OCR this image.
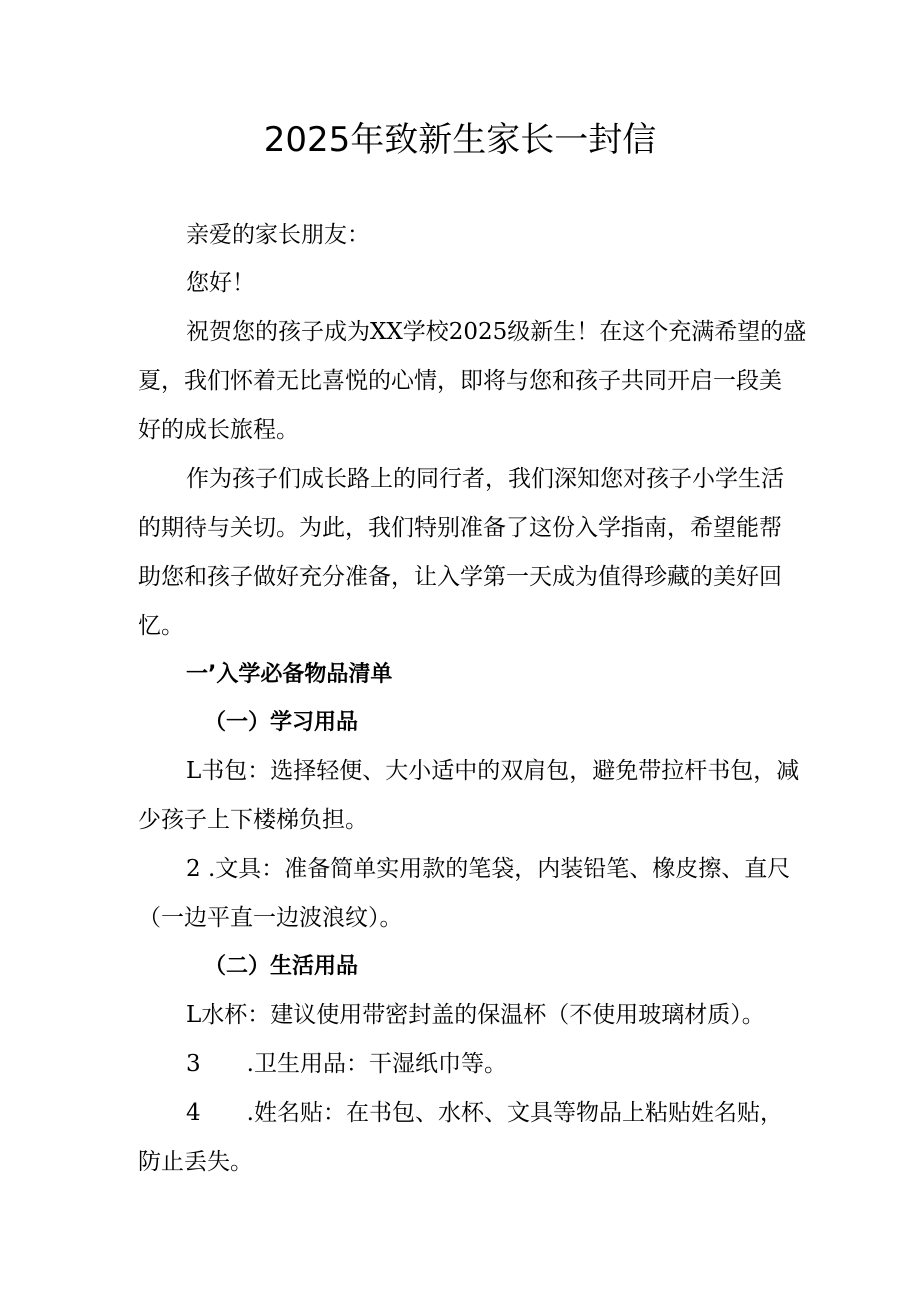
2025年致新生家长一封信
亲爱的家长朋友：
您好！
祝贺您的孩子成为XX学校2025级新生！在这个充满希望的盛
夏，我们怀着无比喜悦的心情，即将与您和孩子共同开启一段美
好的成长旅程。
作为孩子们成长路上的同行者，我们深知您对孩子小学生活
的期待与关切。为此，我们特别准备了这份入学指南，希望能帮
助您和孩子做好充分准备，让入学第一天成为值得珍藏的美好回
忆。
一’入学必备物品清单
（一）学习用品
L书包：选择轻便、大小适中的双肩包，避免带拉杆书包，减
少孩子上下楼梯负担。
2 .文具：准备简单实用款的笔袋，内装铅笔、橡皮擦、直尺
（一边平直一边波浪纹）。
（二）生活用品
L水杯：建议使用带密封盖的保温杯（不使用玻璃材质）。
3 .卫生用品：干湿纸巾等。
4 .姓名贴：在书包、水杯、文具等物品上粘贴姓名贴，
防止丢失。
